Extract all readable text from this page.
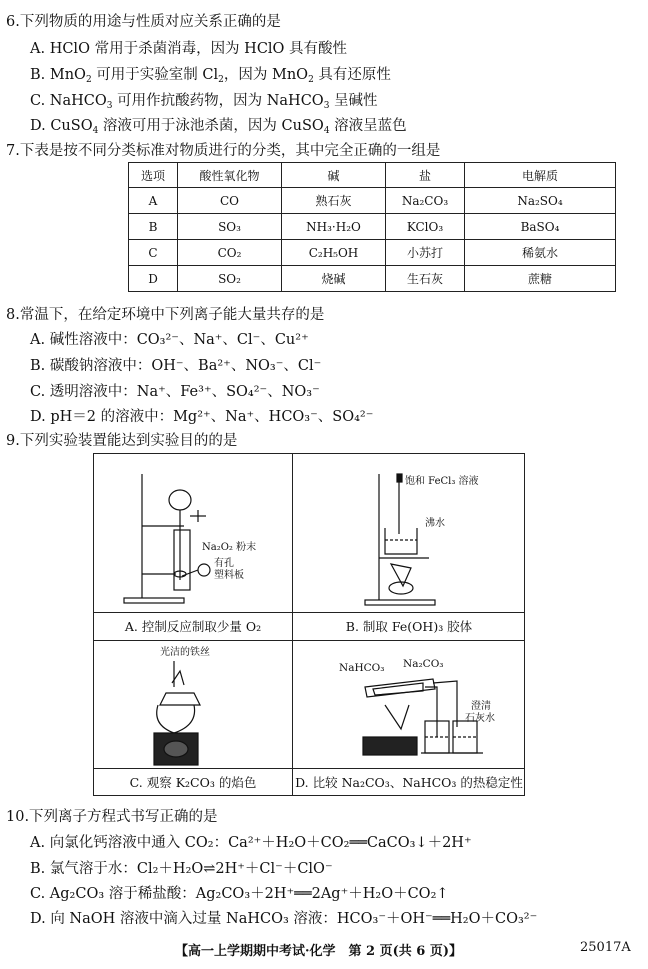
6.下列物质的用途与性质对应关系正确的是
A. HClO 常用于杀菌消毒，因为 HClO 具有酸性
B. MnO$_2$ 可用于实验室制 $Cl_2$，因为 MnO$_2$ 具有还原性
C. NaHCO$_3$ 可用作抗酸药物，因为 NaHCO$_3$ 呈碱性
D. CuSO$_4$ 溶液可用于泳池杀菌，因为 CuSO$_4$ 溶液呈蓝色
7.下表是按不同分类标准对物质进行的分类，其中完全正确的一组是
选项	酸性氧化物	碱	盐	电解质
A	CO	熟石灰	Na₂CO₃	Na₂SO₄
B	SO₃	NH₃·H₂O	KClO₃	BaSO₄
C	CO₂	C₂H₅OH	小苏打	稀氨水
D	SO₂	烧碱	生石灰	蔗糖
8.常温下，在给定环境中下列离子能大量共存的是
A. 碱性溶液中：CO₃²⁻、Na⁺、Cl⁻、Cu²⁺
B. 碳酸钠溶液中：OH⁻、Ba²⁺、NO₃⁻、Cl⁻
C. 透明溶液中：Na⁺、Fe³⁺、SO₄²⁻、NO₃⁻
D. pH＝2 的溶液中：Mg²⁺、Na⁺、HCO₃⁻、SO₄²⁻
9.下列实验装置能达到实验目的的是
Na₂O₂ 粉末
有孔
塑料板
A. 控制反应制取少量 O₂
饱和 FeCl₃ 溶液
沸水
B. 制取 Fe(OH)₃ 胶体
光洁的铁丝
C. 观察 K₂CO₃ 的焰色
NaHCO₃ Na₂CO₃
澄清
石灰水
D. 比较 Na₂CO₃、NaHCO₃ 的热稳定性
10.下列离子方程式书写正确的是
A. 向氯化钙溶液中通入 CO₂：Ca²⁺＋H₂O＋CO₂══CaCO₃↓＋2H⁺
B. 氯气溶于水：Cl₂＋H₂O⇌2H⁺＋Cl⁻＋ClO⁻
C. Ag₂CO₃ 溶于稀盐酸：Ag₂CO₃＋2H⁺══2Ag⁺＋H₂O＋CO₂↑
D. 向 NaOH 溶液中滴入过量 NaHCO₃ 溶液：HCO₃⁻＋OH⁻══H₂O＋CO₃²⁻
【高一上学期期中考试·化学　第 2 页(共 6 页)】	25017A
